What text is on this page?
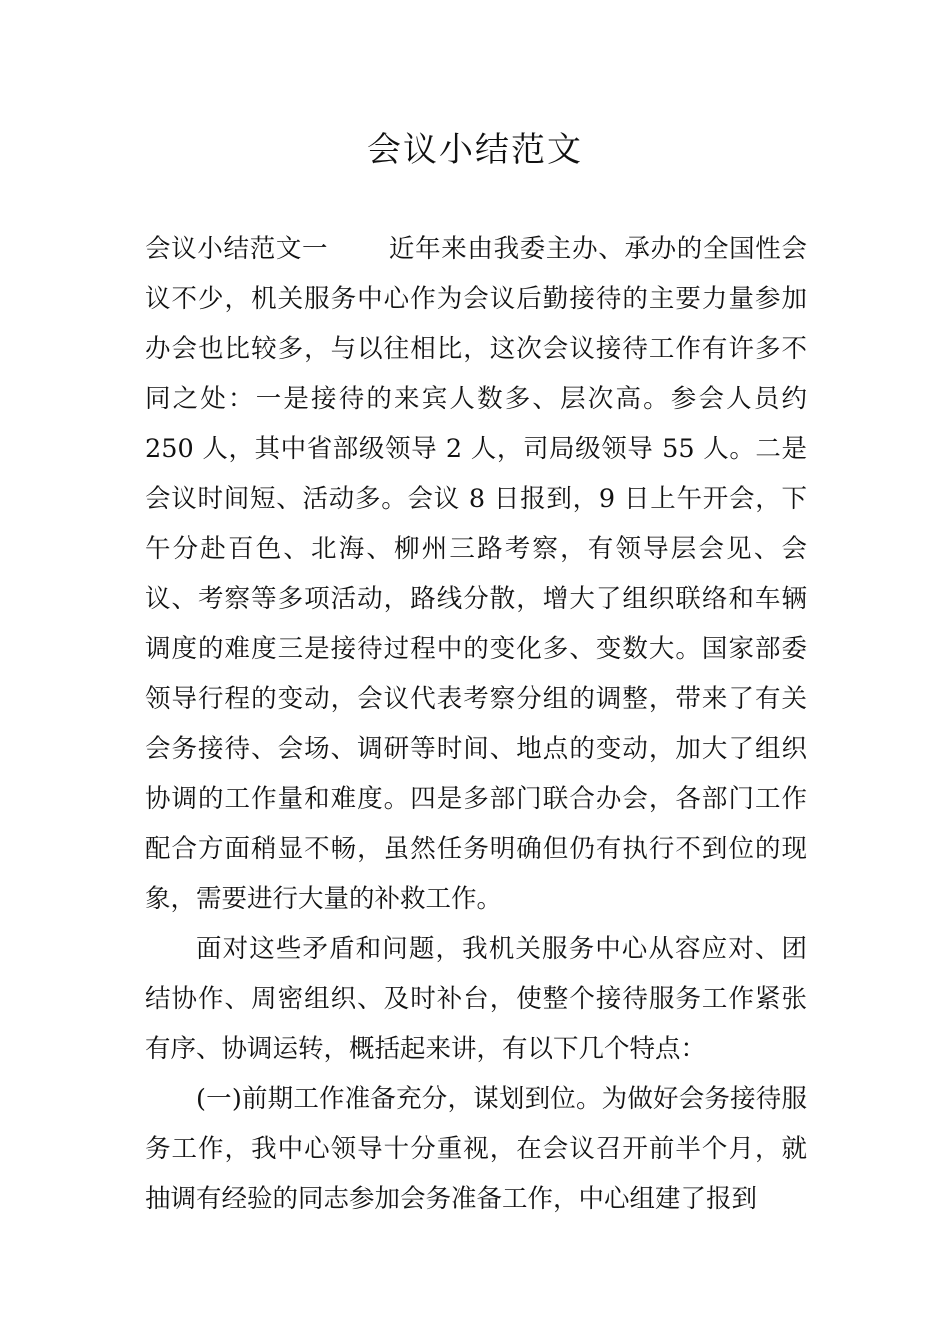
会议小结范文

会议小结范文一 近年来由我委主办、承办的全国性会议不少，机关服务中心作为会议后勤接待的主要力量参加办会也比较多，与以往相比，这次会议接待工作有许多不同之处：一是接待的来宾人数多、层次高。参会人员约 250 人，其中省部级领导 2 人，司局级领导 55 人。二是会议时间短、活动多。会议 8 日报到，9 日上午开会，下午分赴百色、北海、柳州三路考察，有领导层会见、会议、考察等多项活动，路线分散，增大了组织联络和车辆调度的难度三是接待过程中的变化多、变数大。国家部委领导行程的变动，会议代表考察分组的调整，带来了有关会务接待、会场、调研等时间、地点的变动，加大了组织协调的工作量和难度。四是多部门联合办会，各部门工作配合方面稍显不畅，虽然任务明确但仍有执行不到位的现象，需要进行大量的补救工作。

面对这些矛盾和问题，我机关服务中心从容应对、团结协作、周密组织、及时补台，使整个接待服务工作紧张有序、协调运转，概括起来讲，有以下几个特点：

(一)前期工作准备充分，谋划到位。为做好会务接待服务工作，我中心领导十分重视，在会议召开前半个月，就抽调有经验的同志参加会务准备工作，中心组建了报到
